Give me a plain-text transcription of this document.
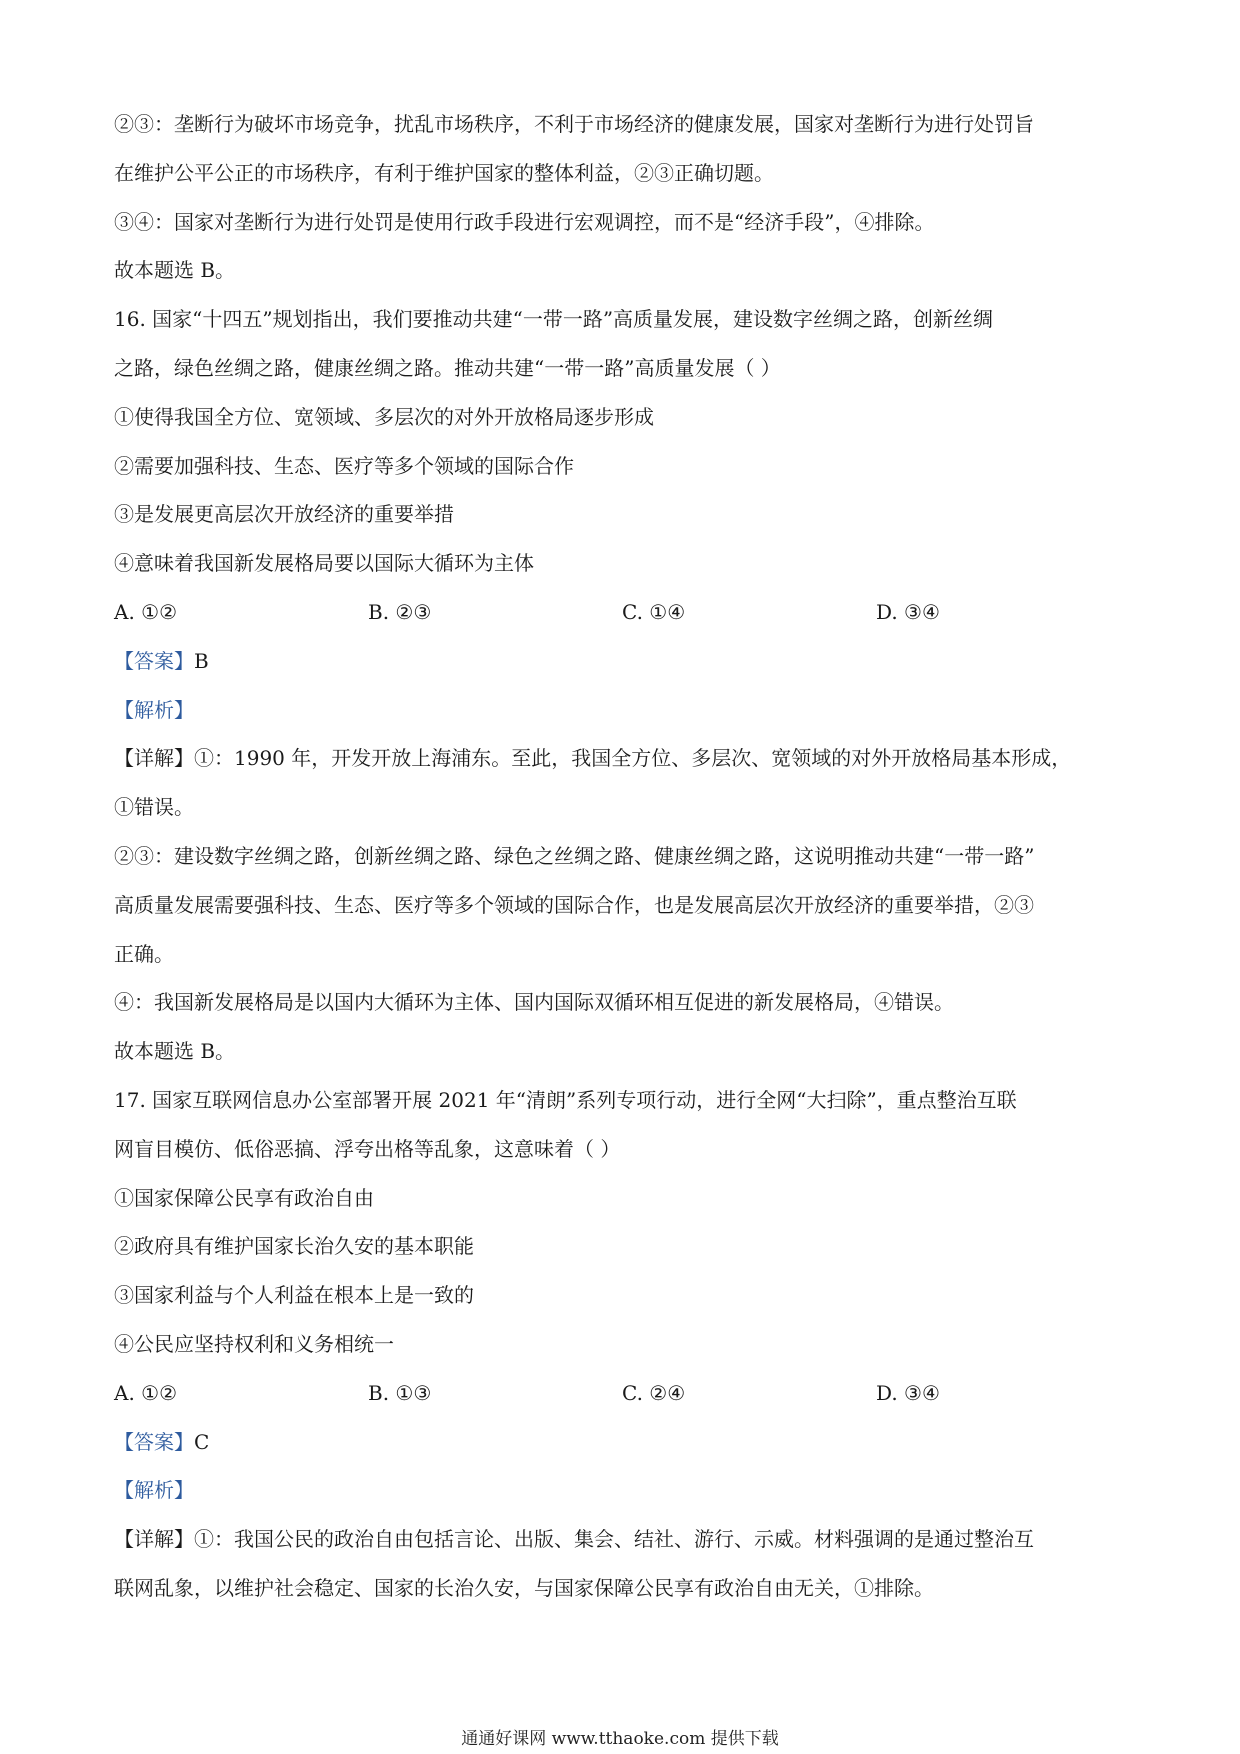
②③：垄断行为破坏市场竞争，扰乱市场秩序，不利于市场经济的健康发展，国家对垄断行为进行处罚旨
在维护公平公正的市场秩序，有利于维护国家的整体利益，②③正确切题。
③④：国家对垄断行为进行处罚是使用行政手段进行宏观调控，而不是“经济手段”，④排除。
故本题选 B。
16. 国家“十四五”规划指出，我们要推动共建“一带一路”高质量发展，建设数字丝绸之路，创新丝绸
之路，绿色丝绸之路，健康丝绸之路。推动共建“一带一路”高质量发展（ ）
①使得我国全方位、宽领域、多层次的对外开放格局逐步形成
②需要加强科技、生态、医疗等多个领域的国际合作
③是发展更高层次开放经济的重要举措
④意味着我国新发展格局要以国际大循环为主体
A. ①②	B. ②③	C. ①④	D. ③④
【答案】B
【解析】
【详解】①：1990 年，开发开放上海浦东。至此，我国全方位、多层次、宽领域的对外开放格局基本形成，
①错误。
②③：建设数字丝绸之路，创新丝绸之路、绿色之丝绸之路、健康丝绸之路，这说明推动共建“一带一路”
高质量发展需要强科技、生态、医疗等多个领域的国际合作，也是发展高层次开放经济的重要举措，②③
正确。
④：我国新发展格局是以国内大循环为主体、国内国际双循环相互促进的新发展格局，④错误。
故本题选 B。
17. 国家互联网信息办公室部署开展 2021 年“清朗”系列专项行动，进行全网“大扫除”，重点整治互联
网盲目模仿、低俗恶搞、浮夸出格等乱象，这意味着（ ）
①国家保障公民享有政治自由
②政府具有维护国家长治久安的基本职能
③国家利益与个人利益在根本上是一致的
④公民应坚持权利和义务相统一
A. ①②	B. ①③	C. ②④	D. ③④
【答案】C
【解析】
【详解】①：我国公民的政治自由包括言论、出版、集会、结社、游行、示威。材料强调的是通过整治互
联网乱象，以维护社会稳定、国家的长治久安，与国家保障公民享有政治自由无关，①排除。
通通好课网 www.tthaoke.com 提供下载
